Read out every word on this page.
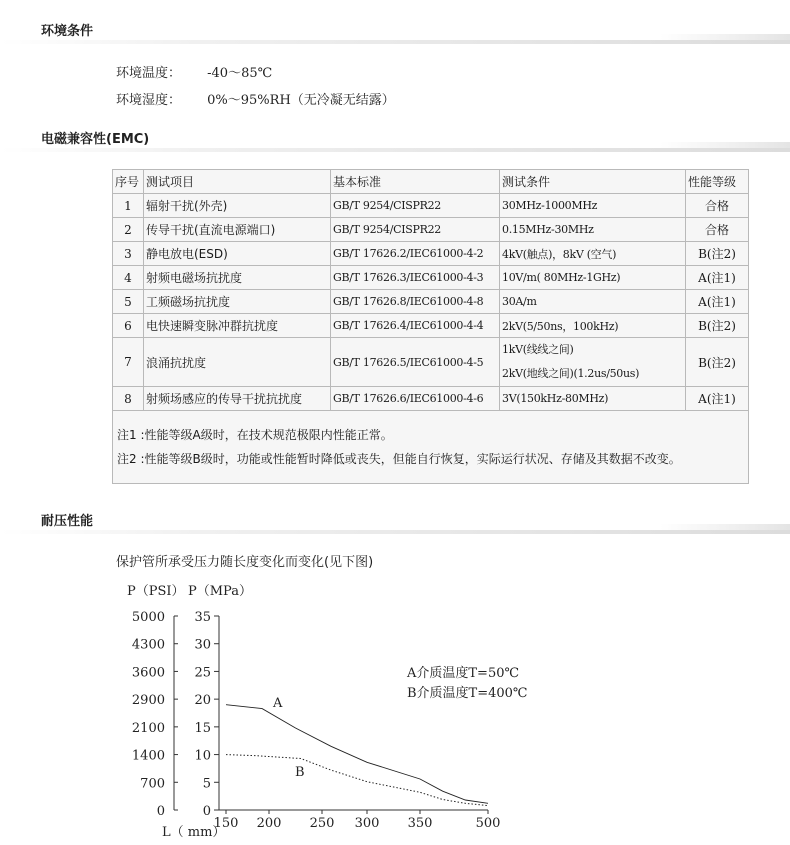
环境条件
环境温度： -40～85℃
环境湿度： 0%～95%RH（无冷凝无结露）
电磁兼容性(EMC)
序号	测试项目	基本标准	测试条件	性能等级
1	辐射干扰(外壳)	GB/T 9254/CISPR22	30MHz-1000MHz	合格
2	传导干扰(直流电源端口)	GB/T 9254/CISPR22	0.15MHz-30MHz	合格
3	静电放电(ESD)	GB/T 17626.2/IEC61000-4-2	4kV(触点)，8kV (空气)	B(注2)
4	射频电磁场抗扰度	GB/T 17626.3/IEC61000-4-3	10V/m( 80MHz-1GHz)	A(注1)
5	工频磁场抗扰度	GB/T 17626.8/IEC61000-4-8	30A/m	A(注1)
6	电快速瞬变脉冲群抗扰度	GB/T 17626.4/IEC61000-4-4	2kV(5/50ns，100kHz)	B(注2)
7	浪涌抗扰度	GB/T 17626.5/IEC61000-4-5	1kV(线线之间)
2kV(地线之间)(1.2us/50us)	B(注2)
8	射频场感应的传导干扰抗扰度	GB/T 17626.6/IEC61000-4-6	3V(150kHz-80MHz)	A(注1)

注1 :性能等级A级时，在技术规范极限内性能正常。
注2 :性能等级B级时，功能或性能暂时降低或丧失，但能自行恢复，实际运行状况、存储及其数据不改变。				
耐压性能
保护管所承受压力随长度变化而变化(见下图)
P（PSI） P（MPa）
0
700
1400
2100
2900
3600
4300
5000
0
5
10
15
20
25
30
35
150 200 250 300 350	500
A
B
L（ mm）
A介质温度T=50℃
B介质温度T=400℃
